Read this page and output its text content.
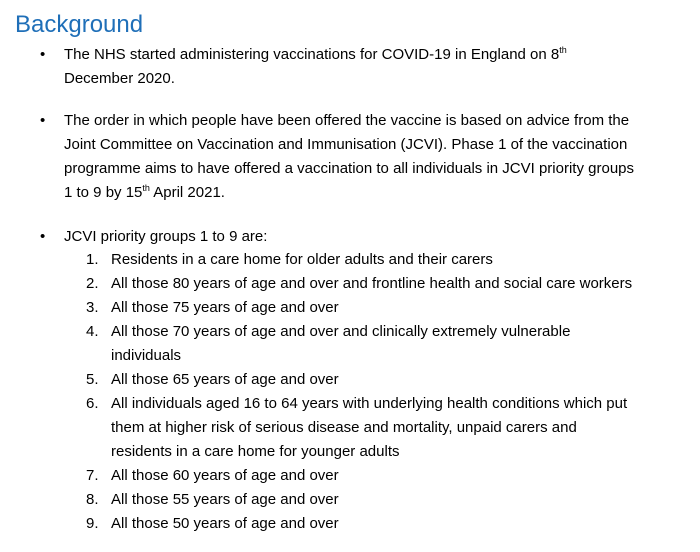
Background
• The NHS started administering vaccinations for COVID-19 in England on 8th
December 2020.
• The order in which people have been offered the vaccine is based on advice from the
Joint Committee on Vaccination and Immunisation (JCVI). Phase 1 of the vaccination
programme aims to have offered a vaccination to all individuals in JCVI priority groups
1 to 9 by 15th April 2021.
• JCVI priority groups 1 to 9 are:
1. Residents in a care home for older adults and their carers
2. All those 80 years of age and over and frontline health and social care workers
3. All those 75 years of age and over
4. All those 70 years of age and over and clinically extremely vulnerable
individuals
5. All those 65 years of age and over
6. All individuals aged 16 to 64 years with underlying health conditions which put
them at higher risk of serious disease and mortality, unpaid carers and
residents in a care home for younger adults
7. All those 60 years of age and over
8. All those 55 years of age and over
9. All those 50 years of age and over
